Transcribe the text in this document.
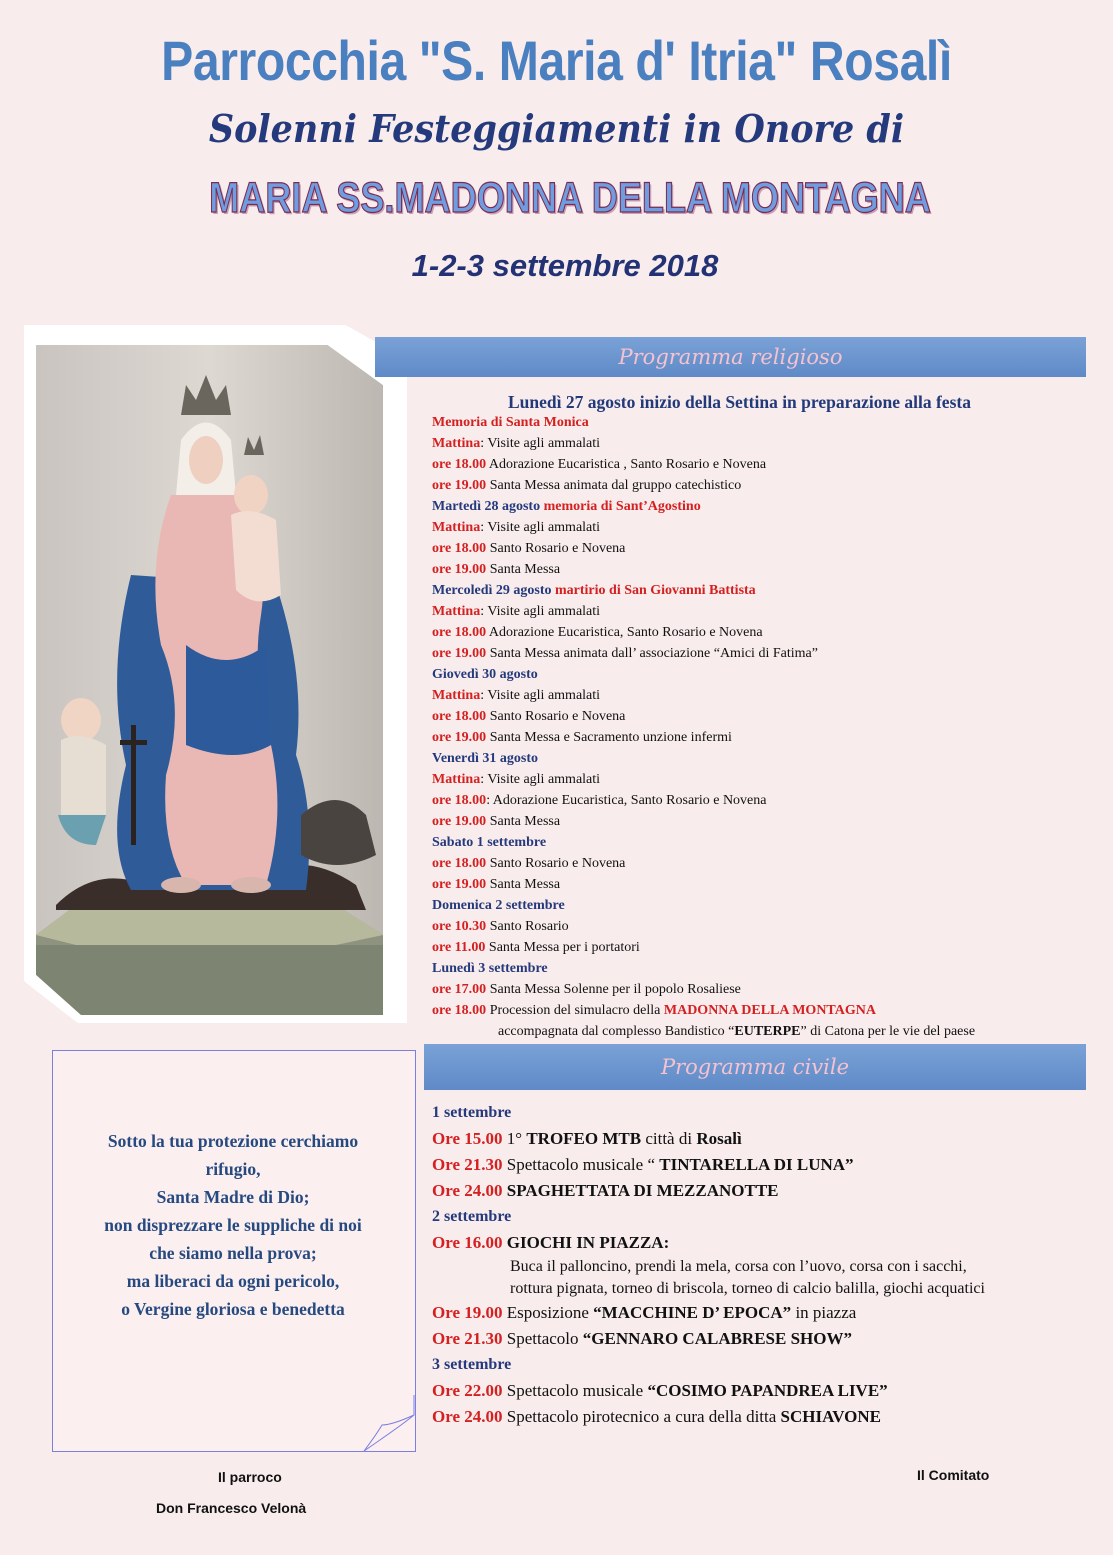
Parrocchia "S. Maria d' Itria" Rosalì
Solenni Festeggiamenti in Onore di
MARIA SS.MADONNA DELLA MONTAGNA
1-2-3 settembre 2018
Programma religioso
Lunedì 27 agosto inizio della Settina in preparazione alla festa
Memoria di Santa Monica
Mattina: Visite agli ammalati
ore 18.00 Adorazione Eucaristica , Santo Rosario e Novena
ore 19.00 Santa Messa animata dal gruppo catechistico
Martedì 28 agosto memoria di Sant’Agostino
Mattina: Visite agli ammalati
ore 18.00 Santo Rosario e Novena
ore 19.00 Santa Messa
Mercoledì 29 agosto martirio di San Giovanni Battista
Mattina: Visite agli ammalati
ore 18.00 Adorazione Eucaristica, Santo Rosario e Novena
ore 19.00 Santa Messa animata dall’ associazione “Amici di Fatima”
Giovedì 30 agosto
Mattina: Visite agli ammalati
ore 18.00 Santo Rosario e Novena
ore 19.00 Santa Messa e Sacramento unzione infermi
Venerdì 31 agosto
Mattina: Visite agli ammalati
ore 18.00: Adorazione Eucaristica, Santo Rosario e Novena
ore 19.00 Santa Messa
Sabato 1 settembre
ore 18.00 Santo Rosario e Novena
ore 19.00 Santa Messa
Domenica 2 settembre
ore 10.30 Santo Rosario
ore 11.00 Santa Messa per i portatori
Lunedì 3 settembre
ore 17.00 Santa Messa Solenne per il popolo Rosaliese
ore 18.00 Procession del simulacro della MADONNA DELLA MONTAGNA
accompagnata dal complesso Bandistico “EUTERPE” di Catona per le vie del paese
Programma civile
1 settembre
Ore 15.00 1° TROFEO MTB città di Rosalì
Ore 21.30 Spettacolo musicale “ TINTARELLA DI LUNA”
Ore 24.00 SPAGHETTATA DI MEZZANOTTE
2 settembre
Ore 16.00 GIOCHI IN PIAZZA:
Buca il palloncino, prendi la mela, corsa con l’uovo, corsa con i sacchi,
rottura pignata, torneo di briscola, torneo di calcio balilla, giochi acquatici
Ore 19.00 Esposizione “MACCHINE D’ EPOCA” in piazza
Ore 21.30 Spettacolo “GENNARO CALABRESE SHOW”
3 settembre
Ore 22.00 Spettacolo musicale “COSIMO PAPANDREA LIVE”
Ore 24.00 Spettacolo pirotecnico a cura della ditta SCHIAVONE
Sotto la tua protezione cerchiamo
rifugio,
Santa Madre di Dio;
non disprezzare le suppliche di noi
che siamo nella prova;
ma liberaci da ogni pericolo,
o Vergine gloriosa e benedetta
Il parroco
Don Francesco Velonà
Il Comitato
